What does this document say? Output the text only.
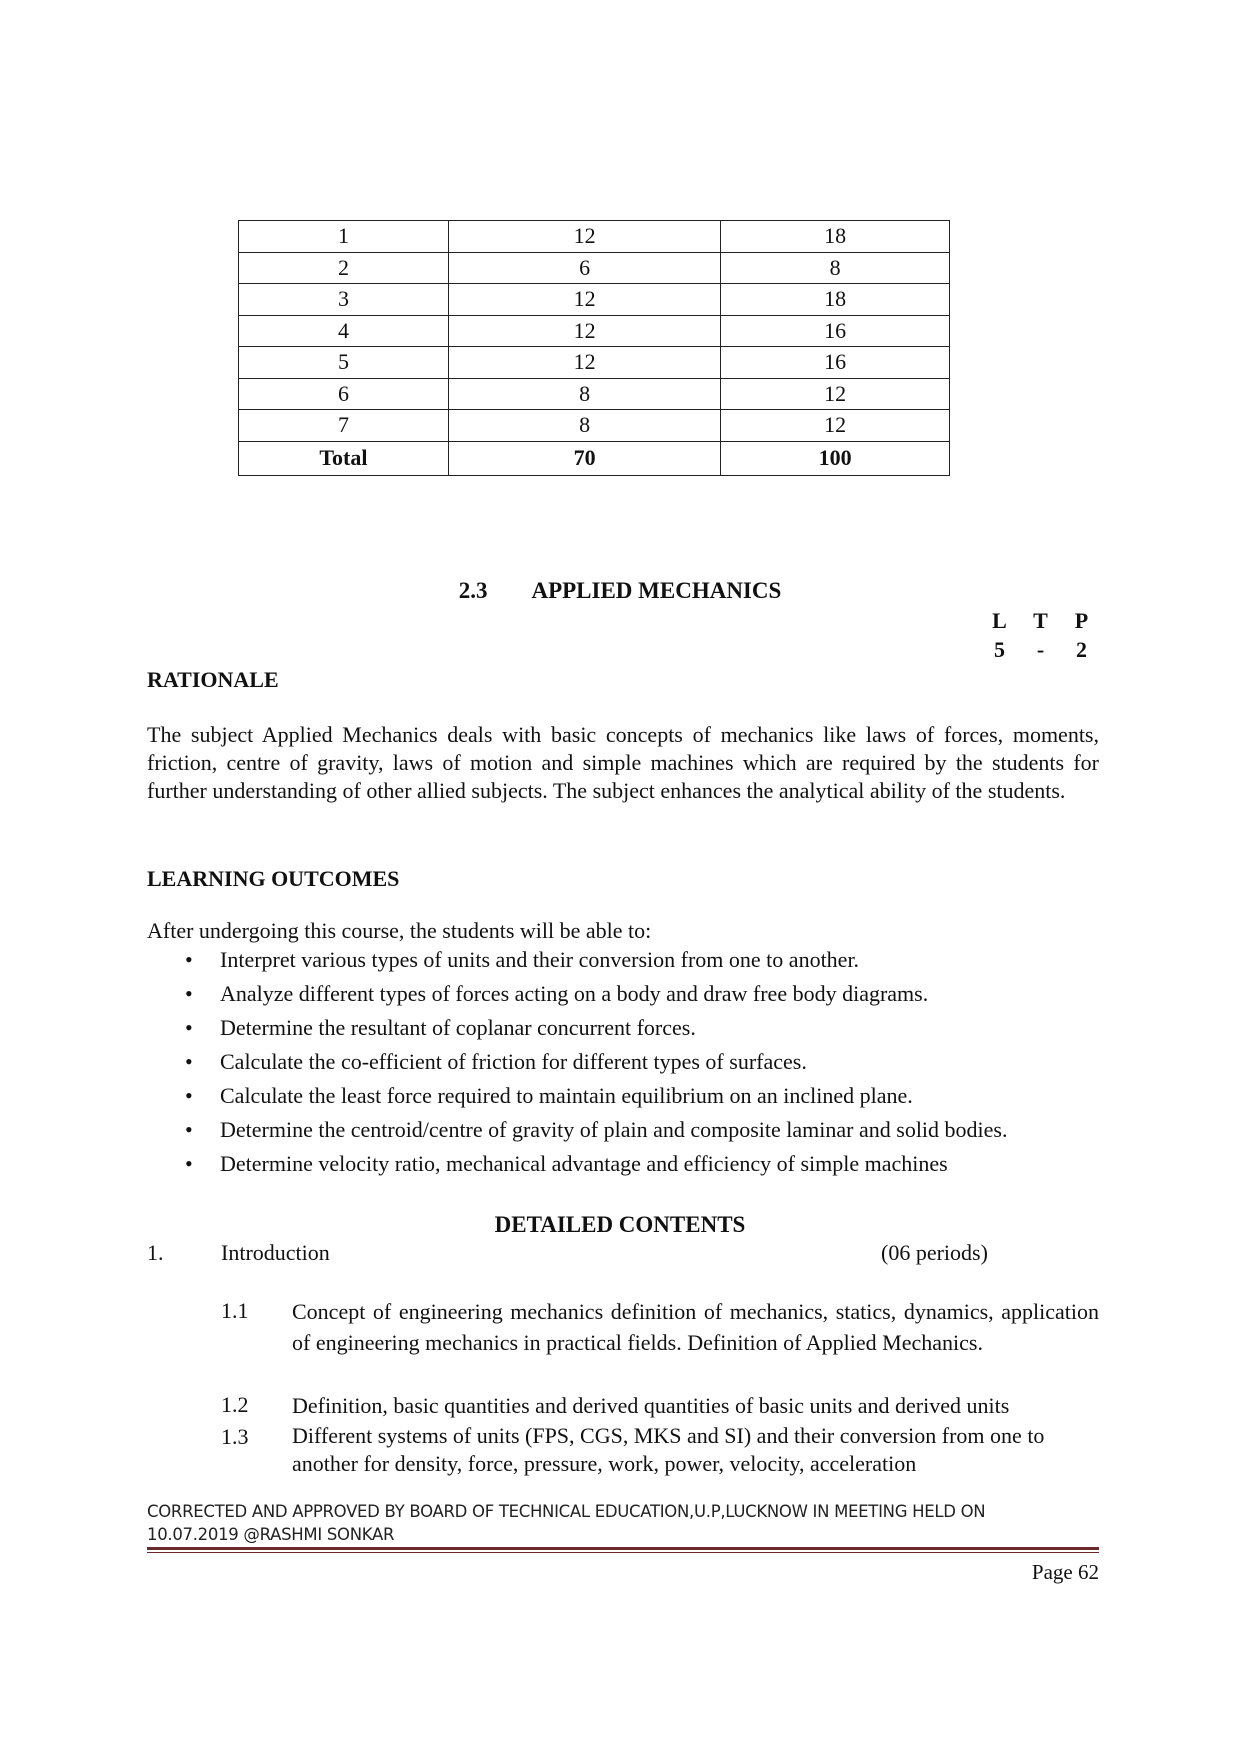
1	12	18
2	6	8
3	12	18
4	12	16
5	12	16
6	8	12
7	8	12
Total	70	100
2.3 APPLIED MECHANICS
L T P
5 - 2
RATIONALE
The subject Applied Mechanics deals with basic concepts of mechanics like laws of forces, moments, friction, centre of gravity, laws of motion and simple machines which are required by the students for further understanding of other allied subjects. The subject enhances the analytical ability of the students.
LEARNING OUTCOMES
After undergoing this course, the students will be able to:
• Interpret various types of units and their conversion from one to another.
• Analyze different types of forces acting on a body and draw free body diagrams.
• Determine the resultant of coplanar concurrent forces.
• Calculate the co-efficient of friction for different types of surfaces.
• Calculate the least force required to maintain equilibrium on an inclined plane.
• Determine the centroid/centre of gravity of plain and composite laminar and solid bodies.
• Determine velocity ratio, mechanical advantage and efficiency of simple machines
DETAILED CONTENTS
1.	Introduction	(06 periods)
1.1 Concept of engineering mechanics definition of mechanics, statics, dynamics, application of engineering mechanics in practical fields. Definition of Applied Mechanics.
1.2 Definition, basic quantities and derived quantities of basic units and derived units
1.3 Different systems of units (FPS, CGS, MKS and SI) and their conversion from one to another for density, force, pressure, work, power, velocity, acceleration
CORRECTED AND APPROVED BY BOARD OF TECHNICAL EDUCATION,U.P,LUCKNOW IN MEETING HELD ON
10.07.2019 @RASHMI SONKAR
Page 62
